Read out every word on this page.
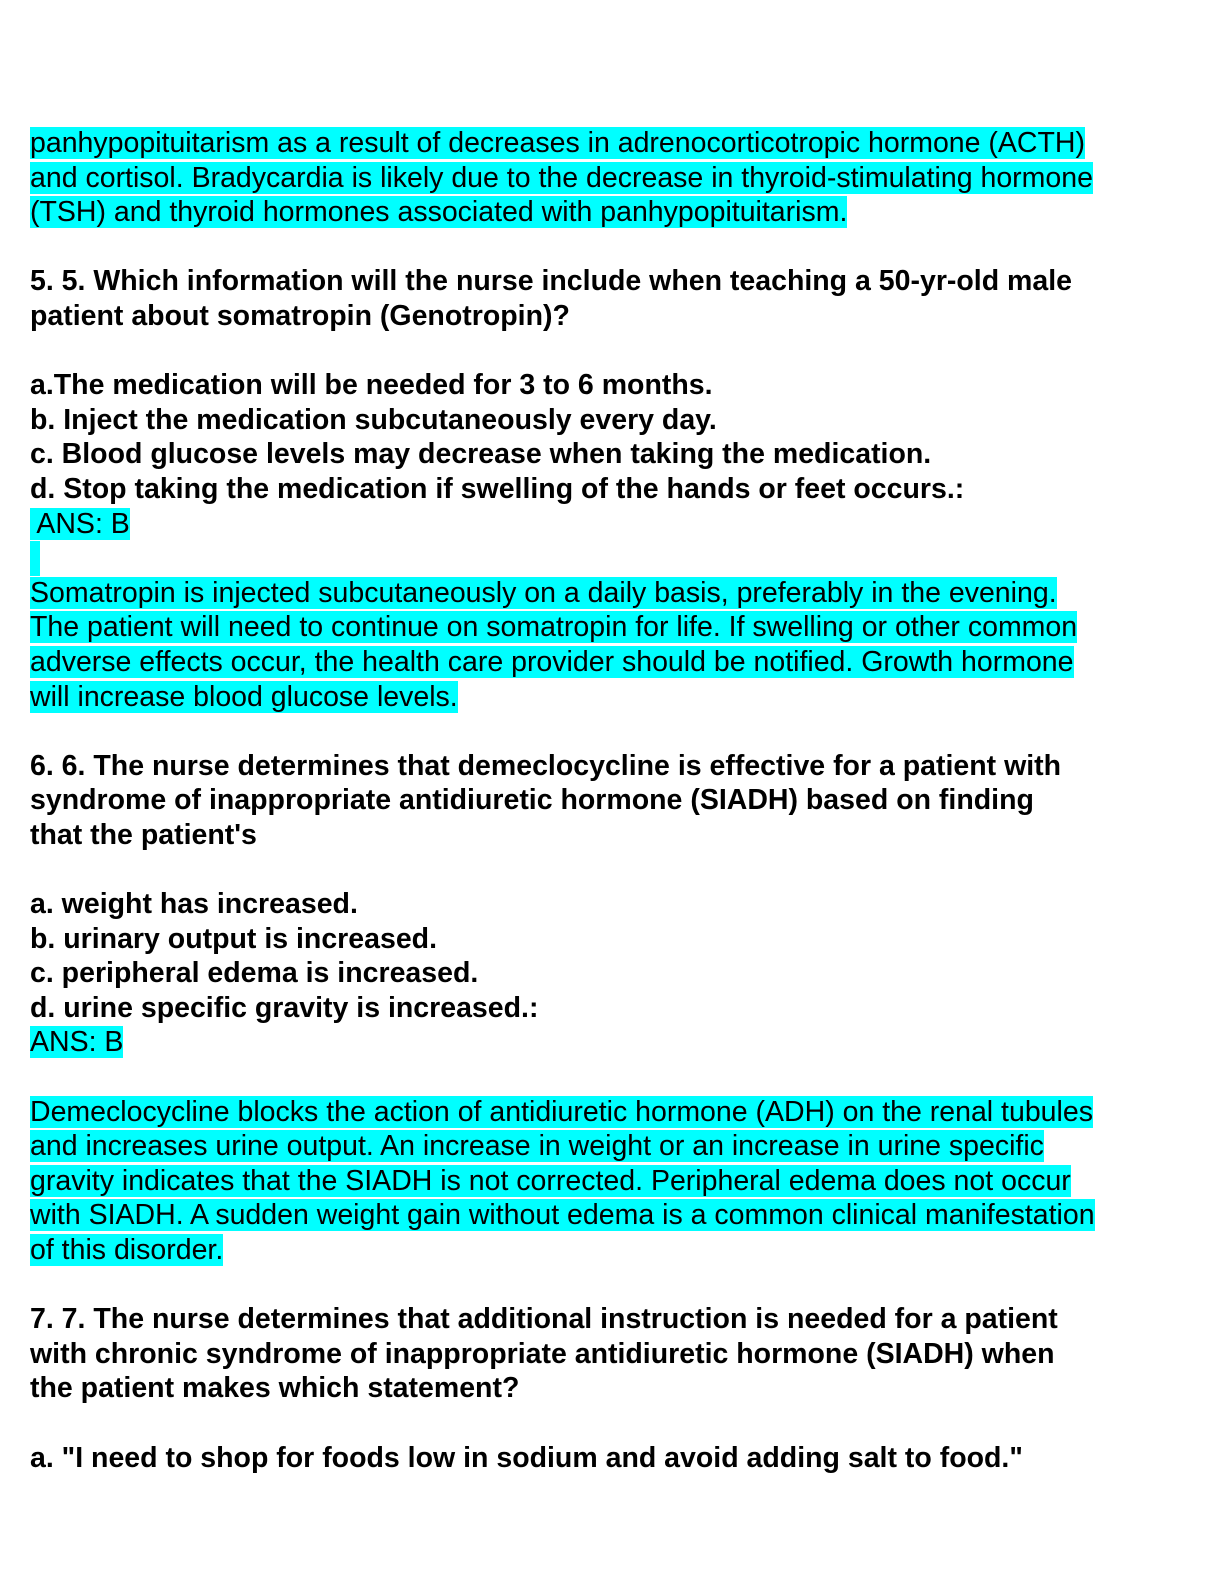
panhypopituitarism as a result of decreases in adrenocorticotropic hormone (ACTH)
and cortisol. Bradycardia is likely due to the decrease in thyroid-stimulating hormone
(TSH) and thyroid hormones associated with panhypopituitarism.
5. 5. Which information will the nurse include when teaching a 50-yr-old male
patient about somatropin (Genotropin)?
a.The medication will be needed for 3 to 6 months.
b. Inject the medication subcutaneously every day.
c. Blood glucose levels may decrease when taking the medication.
d. Stop taking the medication if swelling of the hands or feet occurs.:
ANS: B
Somatropin is injected subcutaneously on a daily basis, preferably in the evening.
The patient will need to continue on somatropin for life. If swelling or other common
adverse effects occur, the health care provider should be notified. Growth hormone
will increase blood glucose levels.
6. 6. The nurse determines that demeclocycline is effective for a patient with
syndrome of inappropriate antidiuretic hormone (SIADH) based on finding
that the patient's
a. weight has increased.
b. urinary output is increased.
c. peripheral edema is increased.
d. urine specific gravity is increased.:
ANS: B
Demeclocycline blocks the action of antidiuretic hormone (ADH) on the renal tubules
and increases urine output. An increase in weight or an increase in urine specific
gravity indicates that the SIADH is not corrected. Peripheral edema does not occur
with SIADH. A sudden weight gain without edema is a common clinical manifestation
of this disorder.
7. 7. The nurse determines that additional instruction is needed for a patient
with chronic syndrome of inappropriate antidiuretic hormone (SIADH) when
the patient makes which statement?
a. "I need to shop for foods low in sodium and avoid adding salt to food."
